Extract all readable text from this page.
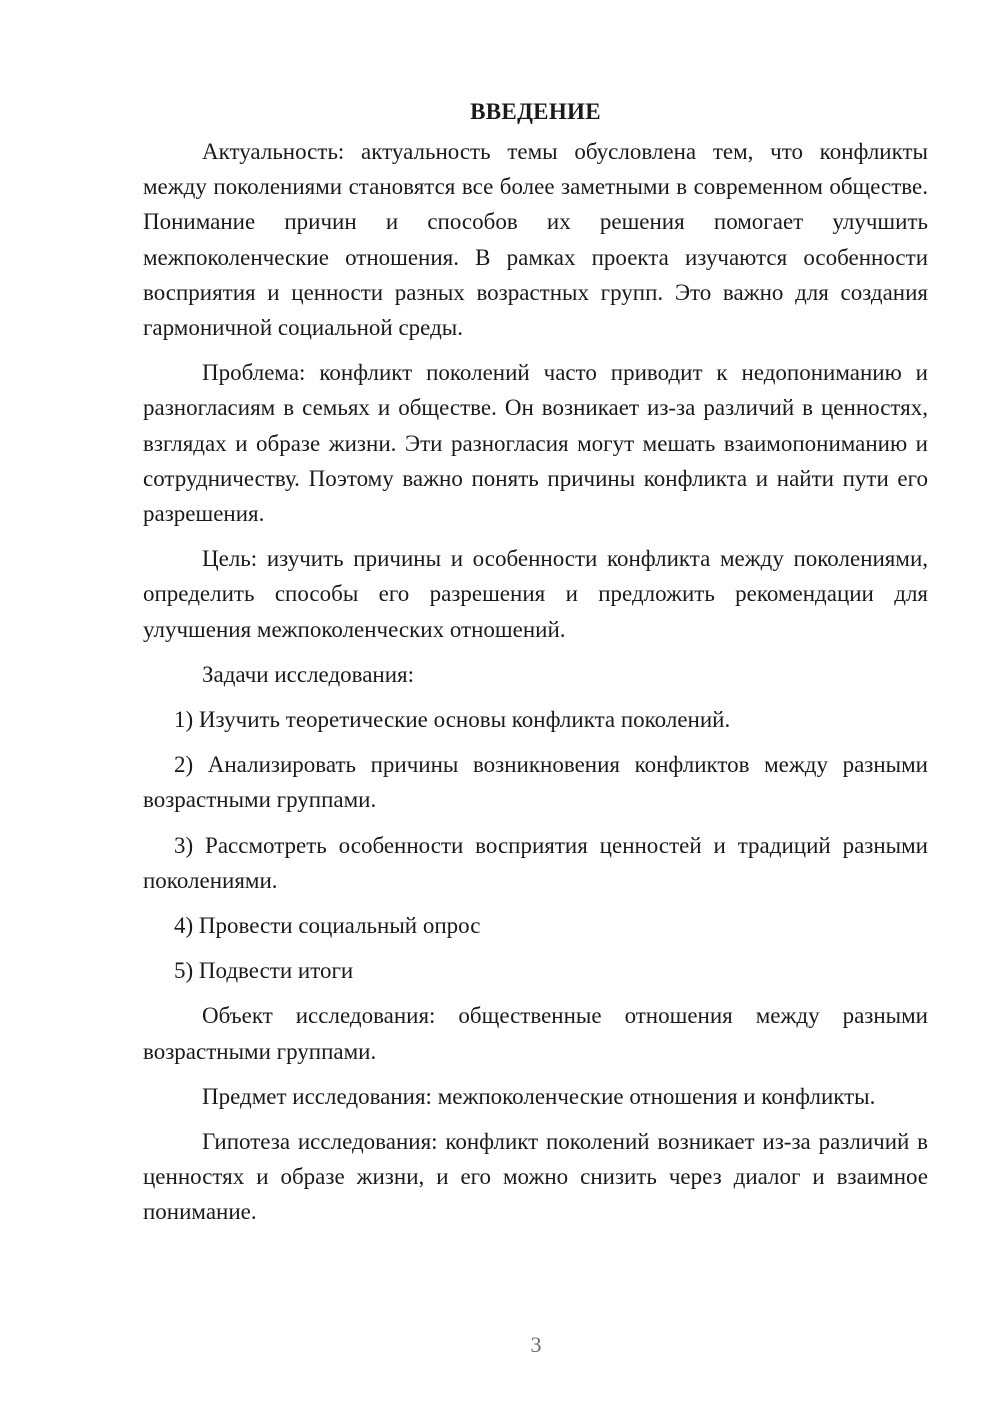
ВВЕДЕНИЕ

Актуальность: актуальность темы обусловлена тем, что конфликты между поколениями становятся все более заметными в современном обществе. Понимание причин и способов их решения помогает улучшить межпоколенческие отношения. В рамках проекта изучаются особенности восприятия и ценности разных возрастных групп. Это важно для создания гармоничной социальной среды.

Проблема: конфликт поколений часто приводит к недопониманию и разногласиям в семьях и обществе. Он возникает из-за различий в ценностях, взглядах и образе жизни. Эти разногласия могут мешать взаимопониманию и сотрудничеству. Поэтому важно понять причины конфликта и найти пути его разрешения.

Цель: изучить причины и особенности конфликта между поколениями, определить способы его разрешения и предложить рекомендации для улучшения межпоколенческих отношений.

Задачи исследования:

1) Изучить теоретические основы конфликта поколений.

2) Анализировать причины возникновения конфликтов между разными возрастными группами.

3) Рассмотреть особенности восприятия ценностей и традиций разными поколениями.

4) Провести социальный опрос

5) Подвести итоги

Объект исследования: общественные отношения между разными возрастными группами.

Предмет исследования: межпоколенческие отношения и конфликты.

Гипотеза исследования: конфликт поколений возникает из-за различий в ценностях и образе жизни, и его можно снизить через диалог и взаимное понимание.

3
